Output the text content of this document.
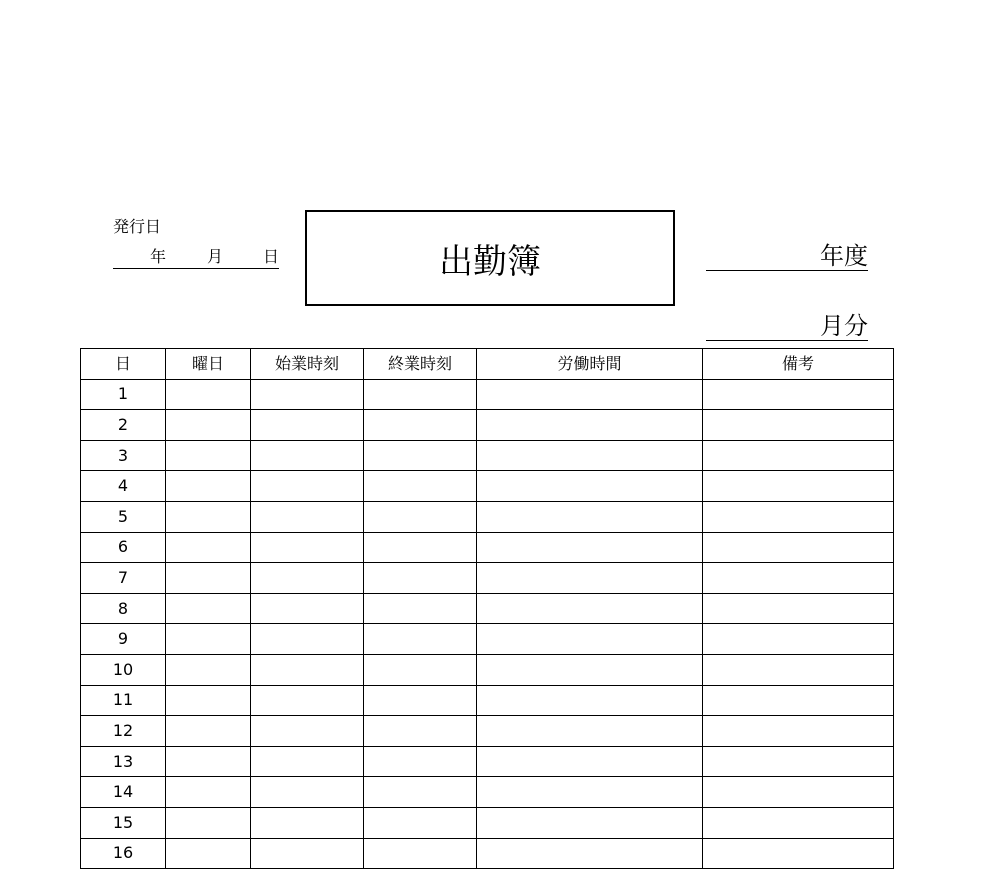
発行日
年	月 日	出勤簿	年度
月分
日	曜日	始業時刻	終業時刻	労働時間	備考
1					
2					
3					
4					
5					
6					
7					
8					
9					
10					
11					
12					
13					
14					
15					
16					
